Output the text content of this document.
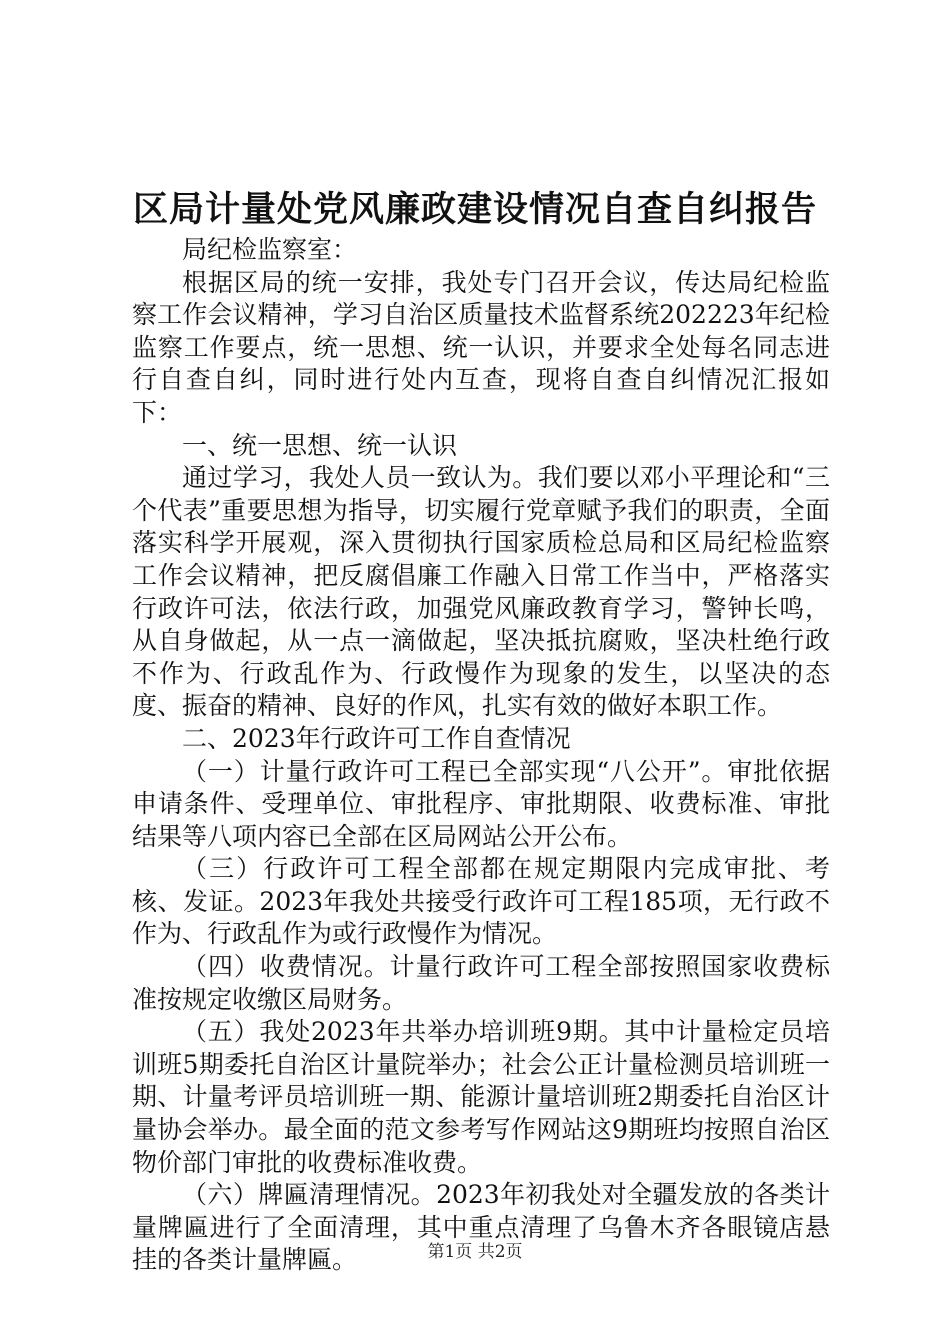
区局计量处党风廉政建设情况自查自纠报告

局纪检监察室：

根据区局的统一安排，我处专门召开会议，传达局纪检监察工作会议精神，学习自治区质量技术监督系统202223年纪检监察工作要点，统一思想、统一认识，并要求全处每名同志进行自查自纠，同时进行处内互查，现将自查自纠情况汇报如下：

一、统一思想、统一认识

通过学习，我处人员一致认为。我们要以邓小平理论和“三个代表”重要思想为指导，切实履行党章赋予我们的职责，全面落实科学开展观，深入贯彻执行国家质检总局和区局纪检监察工作会议精神，把反腐倡廉工作融入日常工作当中，严格落实行政许可法，依法行政，加强党风廉政教育学习，警钟长鸣，从自身做起，从一点一滴做起，坚决抵抗腐败，坚决杜绝行政不作为、行政乱作为、行政慢作为现象的发生，以坚决的态度、振奋的精神、良好的作风，扎实有效的做好本职工作。

二、2023年行政许可工作自查情况

（一）计量行政许可工程已全部实现“八公开”。审批依据申请条件、受理单位、审批程序、审批期限、收费标准、审批结果等八项内容已全部在区局网站公开公布。

（三）行政许可工程全部都在规定期限内完成审批、考核、发证。2023年我处共接受行政许可工程185项，无行政不作为、行政乱作为或行政慢作为情况。

（四）收费情况。计量行政许可工程全部按照国家收费标准按规定收缴区局财务。

（五）我处2023年共举办培训班9期。其中计量检定员培训班5期委托自治区计量院举办；社会公正计量检测员培训班一期、计量考评员培训班一期、能源计量培训班2期委托自治区计量协会举办。最全面的范文参考写作网站这9期班均按照自治区物价部门审批的收费标准收费。

（六）牌匾清理情况。2023年初我处对全疆发放的各类计量牌匾进行了全面清理，其中重点清理了乌鲁木齐各眼镜店悬挂的各类计量牌匾。	第1页 共2页
